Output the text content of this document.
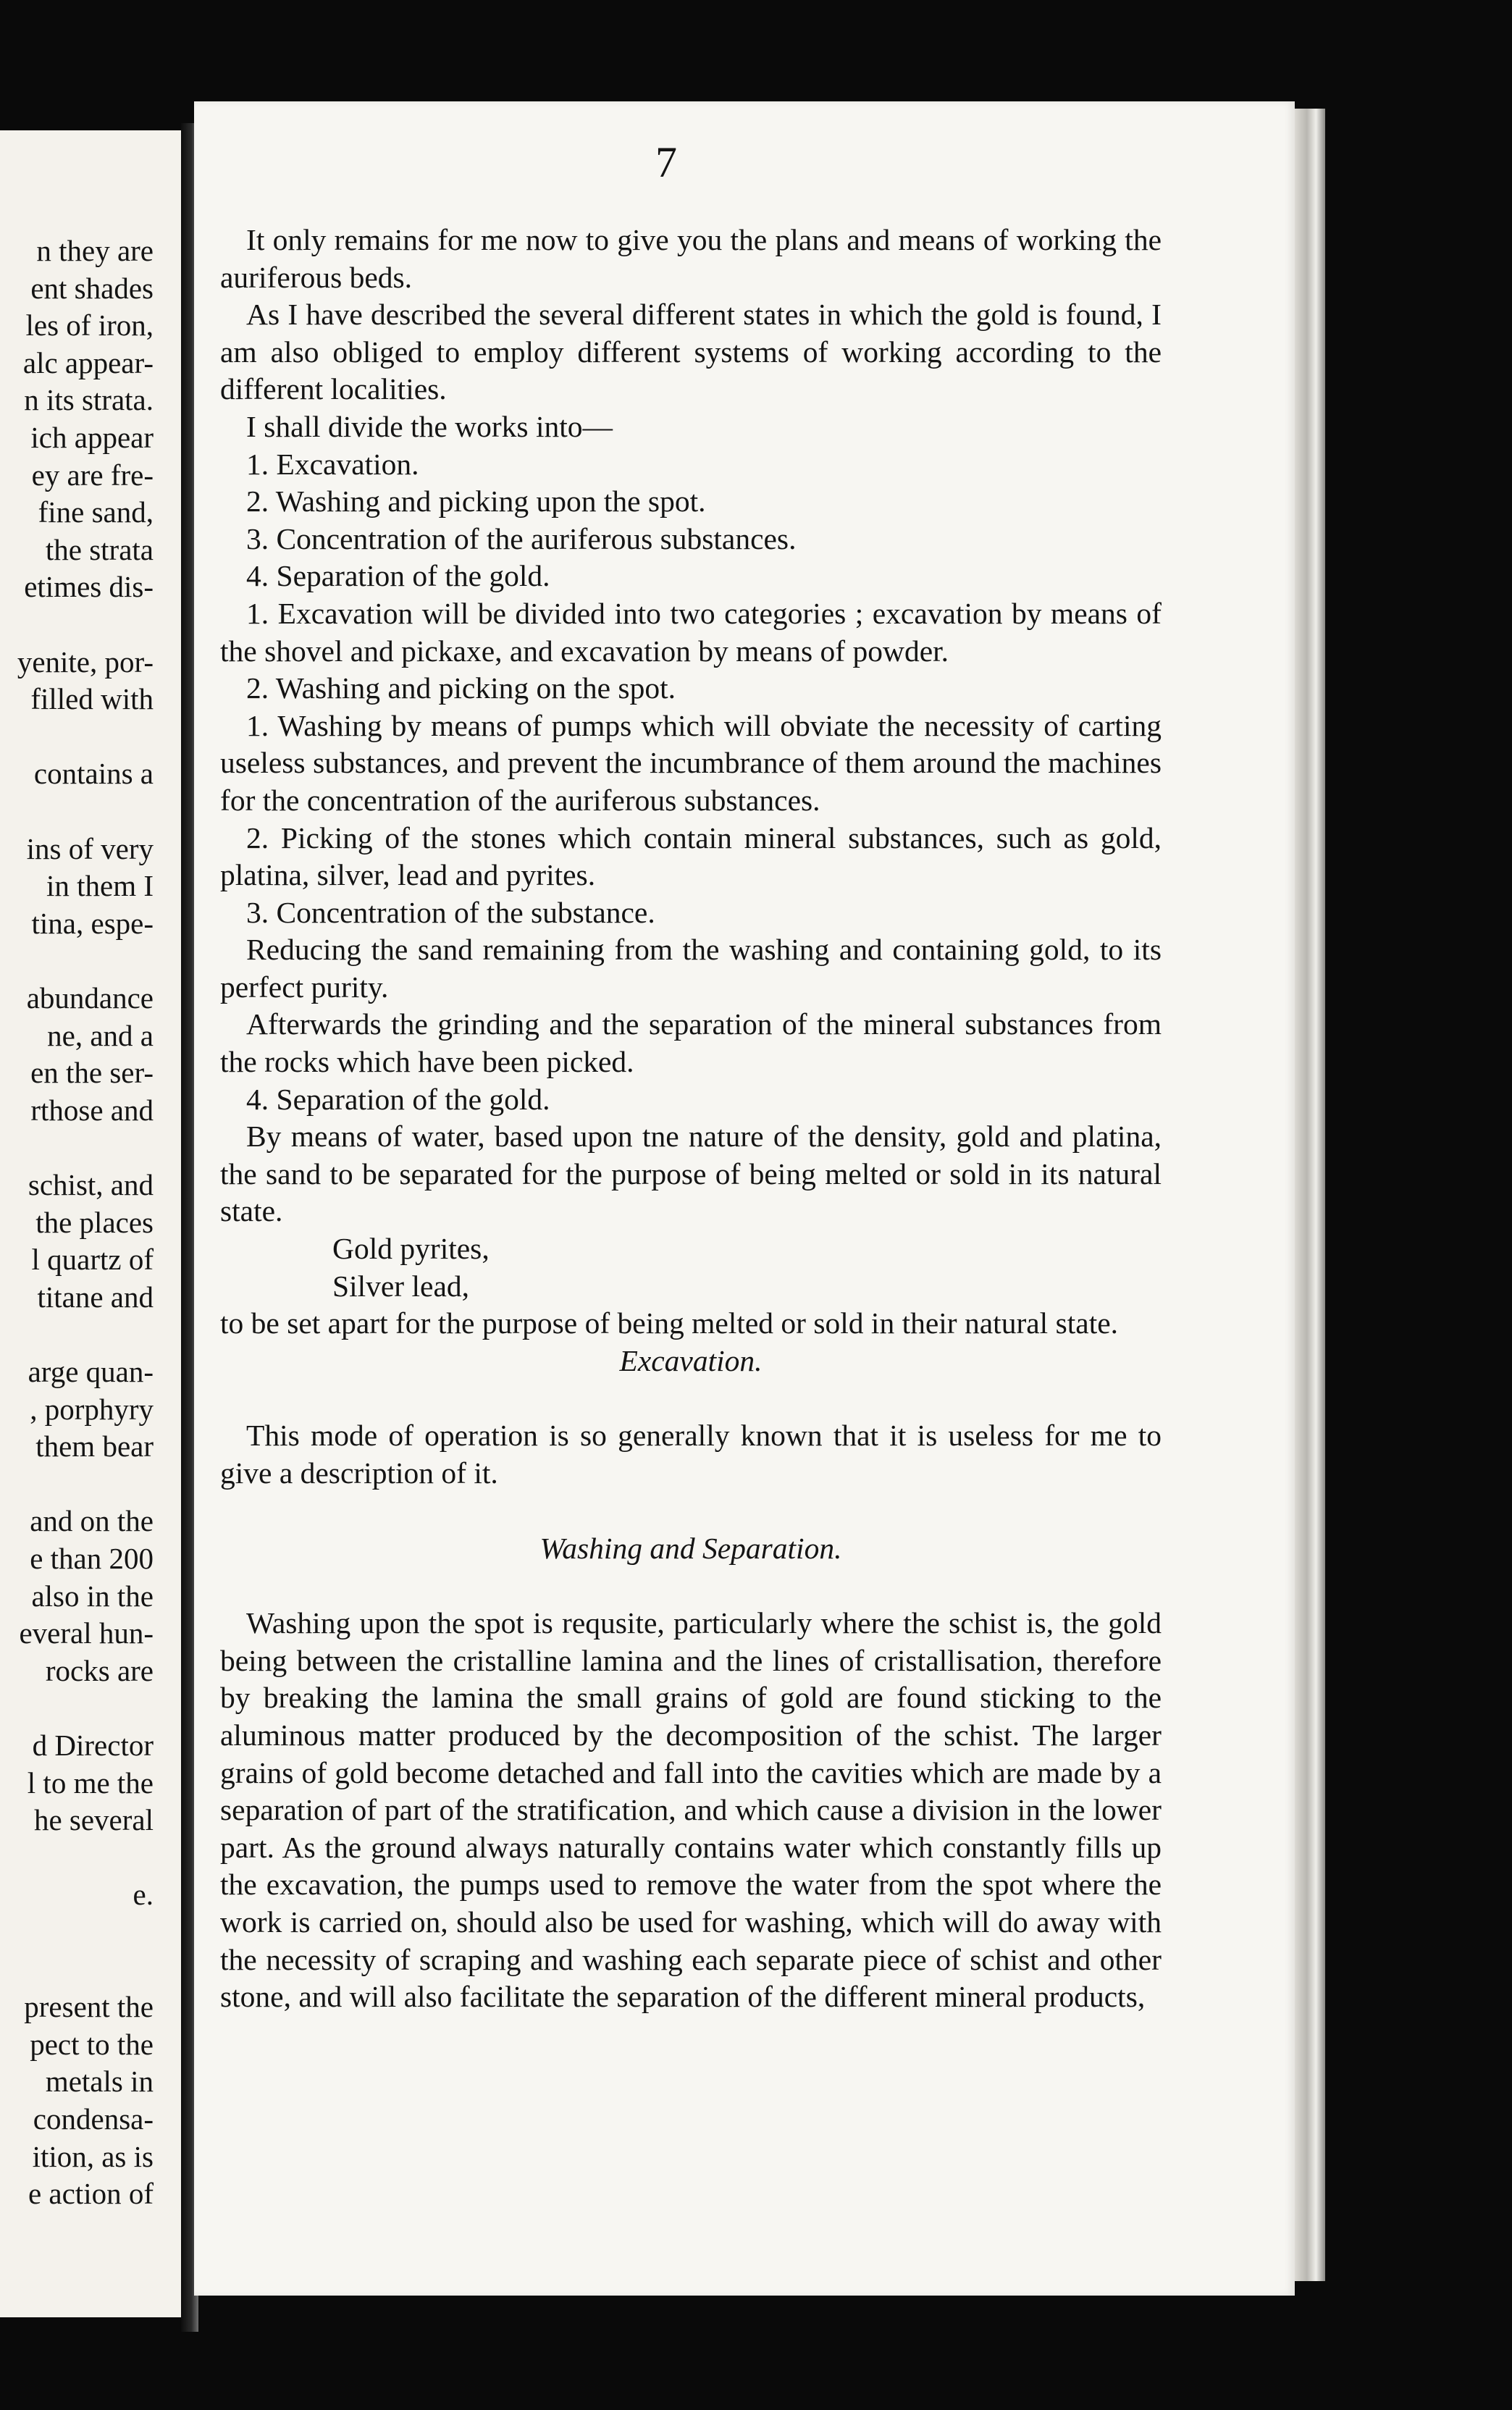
n they are
ent shades
les of iron,
alc appear-
n its strata.
ich appear
ey are fre-
fine sand,
the strata
etimes dis-
yenite, por-
filled with
contains a
ins of very
in them I
tina, espe-
abundance
ne, and a
en the ser-
rthose and
schist, and
the places
l quartz of
titane and
arge quan-
, porphyry
them bear
and on the
e than 200
also in the
everal hun-
rocks are
d Director
l to me the
he several
e.
present the
pect to the
metals in
condensa-
ition, as is
e action of
7

It only remains for me now to give you the plans and means of working the auriferous beds.

As I have described the several different states in which the gold is found, I am also obliged to employ different systems of working according to the different localities.

I shall divide the works into—

1. Excavation.

2. Washing and picking upon the spot.

3. Concentration of the auriferous substances.

4. Separation of the gold.

1. Excavation will be divided into two categories ; excavation by means of the shovel and pickaxe, and excavation by means of powder.

2. Washing and picking on the spot.

1. Washing by means of pumps which will obviate the necessity of carting useless substances, and prevent the incumbrance of them around the machines for the concentration of the auriferous substances.

2. Picking of the stones which contain mineral substances, such as gold, platina, silver, lead and pyrites.

3. Concentration of the substance.

Reducing the sand remaining from the washing and containing gold, to its perfect purity.

Afterwards the grinding and the separation of the mineral substances from the rocks which have been picked.

4. Separation of the gold.

By means of water, based upon tne nature of the density, gold and platina, the sand to be separated for the purpose of being melted or sold in its natural state.

Gold pyrites,

Silver lead,

to be set apart for the purpose of being melted or sold in their natural state.

Excavation.

This mode of operation is so generally known that it is useless for me to give a description of it.

Washing and Separation.

Washing upon the spot is requsite, particularly where the schist is, the gold being between the cristalline lamina and the lines of cristallisation, therefore by breaking the lamina the small grains of gold are found sticking to the aluminous matter produced by the decomposition of the schist. The larger grains of gold become detached and fall into the cavities which are made by a separation of part of the stratification, and which cause a division in the lower part. As the ground always naturally contains water which constantly fills up the excavation, the pumps used to remove the water from the spot where the work is carried on, should also be used for washing, which will do away with the necessity of scraping and washing each separate piece of schist and other stone, and will also facilitate the separation of the different mineral products,
